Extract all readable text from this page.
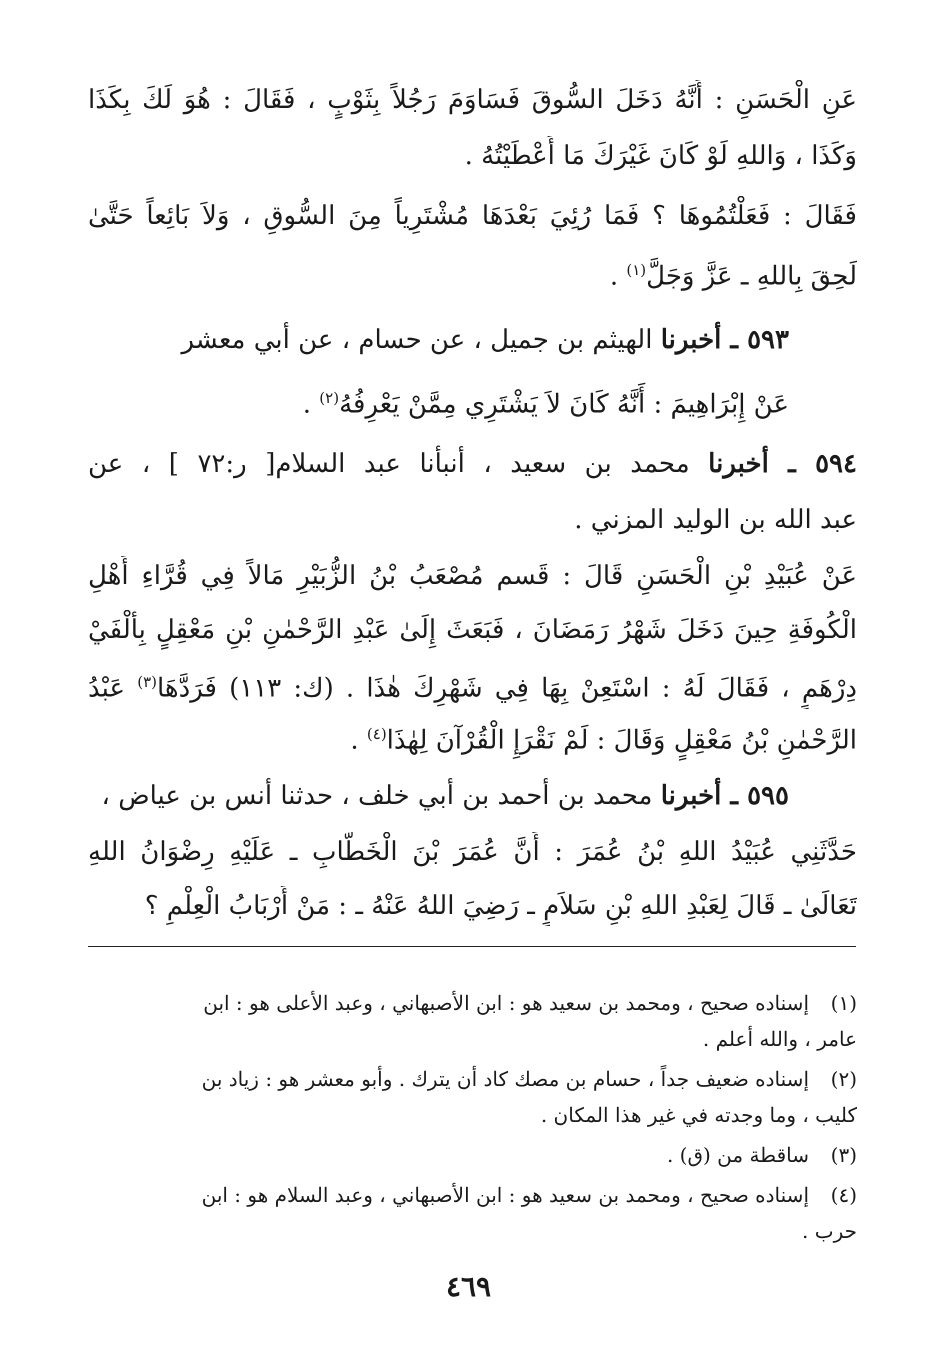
عَنِ الْحَسَنِ : أَنَّهُ دَخَلَ السُّوقَ فَسَاوَمَ رَجُلاً بِثَوْبٍ ، فَقَالَ : هُوَ لَكَ بِكَذَا
وَكَذَا ، وَاللهِ لَوْ كَانَ غَيْرَكَ مَا أَعْطَيْتُهُ .
فَقَالَ : فَعَلْتُمُوهَا ؟ فَمَا رُئِيَ بَعْدَهَا مُشْتَرِياً مِنَ السُّوقِ ، وَلاَ بَائِعاً حَتَّىٰ
لَحِقَ بِاللهِ ـ عَزَّ وَجَلَّ$^{(١)}$ .
٥٩٣ ـ أخبرنا الهيثم بن جميل ، عن حسام ، عن أبي معشر
عَنْ إِبْرَاهِيمَ : أَنَّهُ كَانَ لاَ يَشْتَرِي مِمَّنْ يَعْرِفُهُ$^{(٢)}$ .
٥٩٤ ـ أخبرنا محمد بن سعيد ، أنبأنا عبد السلام[ ر:٧٢ ] ، عن
عبد الله بن الوليد المزني .
عَنْ عُبَيْدِ بْنِ الْحَسَنِ قَالَ : قَسم مُصْعَبُ بْنُ الزُّبَيْرِ مَالاً فِي قُرَّاءِ أَهْلِ
الْكُوفَةِ حِينَ دَخَلَ شَهْرُ رَمَضَانَ ، فَبَعَثَ إِلَىٰ عَبْدِ الرَّحْمٰنِ بْنِ مَعْقِلٍ بِأَلْفَيْ
دِرْهَمٍ ، فَقَالَ لَهُ : اسْتَعِنْ بِهَا فِي شَهْرِكَ هٰذَا . (ك: ١١٣) فَرَدَّهَا$^{(٣)}$ عَبْدُ
الرَّحْمٰنِ بْنُ مَعْقِلٍ وَقَالَ : لَمْ نَقْرَإِ الْقُرْآنَ لِهٰذَا$^{(٤)}$ .
٥٩٥ ـ أخبرنا محمد بن أحمد بن أبي خلف ، حدثنا أنس بن عياض ،
حَدَّثَنِي عُبَيْدُ اللهِ بْنُ عُمَرَ : أَنَّ عُمَرَ بْنَ الْخَطَّابِ ـ عَلَيْهِ رِضْوَانُ اللهِ
تَعَالَىٰ ـ قَالَ لِعَبْدِ اللهِ بْنِ سَلاَمٍ ـ رَضِيَ اللهُ عَنْهُ ـ : مَنْ أَرْبَابُ الْعِلْمِ ؟
(١)إسناده صحيح ، ومحمد بن سعيد هو : ابن الأصبهاني ، وعبد الأعلى هو : ابن
عامر ، والله أعلم .
(٢)إسناده ضعيف جداً ، حسام بن مصك كاد أن يترك . وأبو معشر هو : زياد بن
كليب ، وما وجدته في غير هذا المكان .
(٣)ساقطة من (ق) .
(٤)إسناده صحيح ، ومحمد بن سعيد هو : ابن الأصبهاني ، وعبد السلام هو : ابن
حرب .
٤٦٩
